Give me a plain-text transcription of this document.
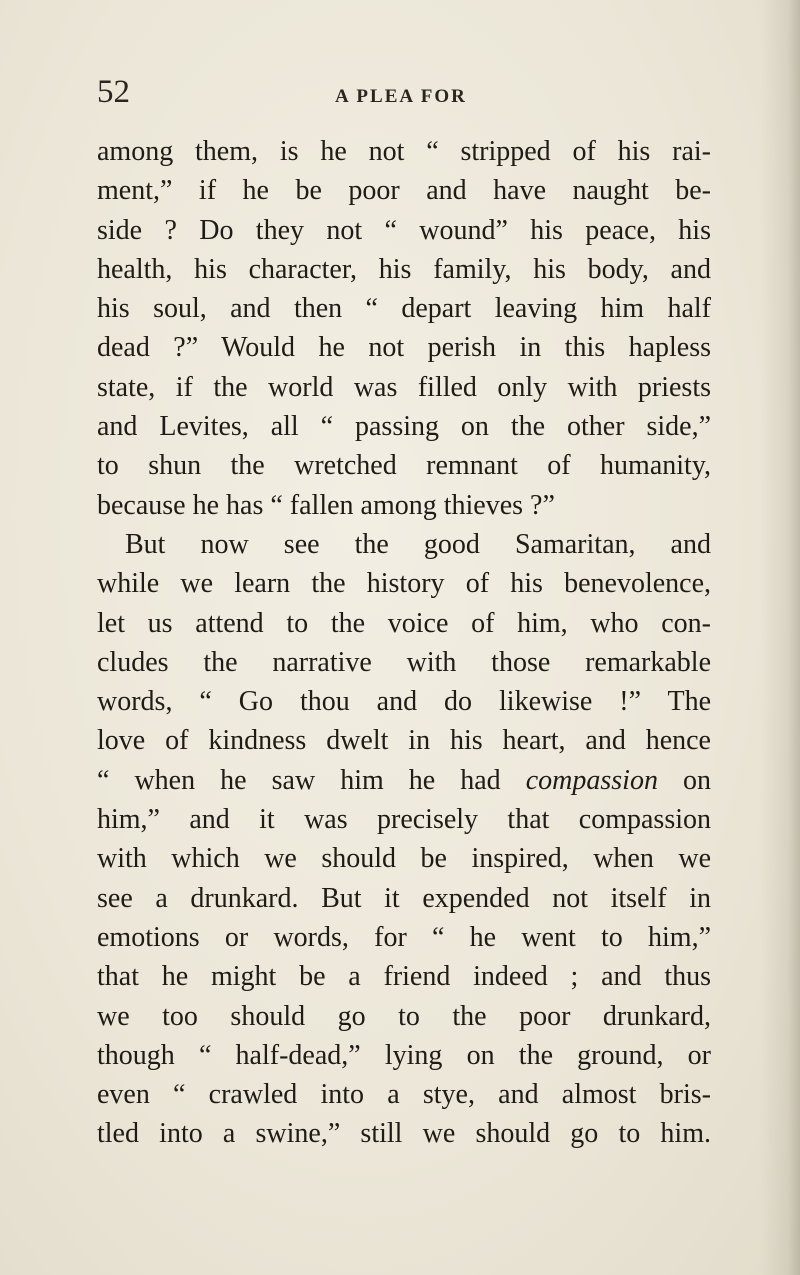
52	A PLEA FOR
among them, is he not “ stripped of his rai-
ment,” if he be poor and have naught be-
side ? Do they not “ wound” his peace, his
health, his character, his family, his body, and
his soul, and then “ depart leaving him half
dead ?” Would he not perish in this hapless
state, if the world was filled only with priests
and Levites, all “ passing on the other side,”
to shun the wretched remnant of humanity,
because he has “ fallen among thieves ?”
But now see the good Samaritan, and
while we learn the history of his benevolence,
let us attend to the voice of him, who con-
cludes the narrative with those remarkable
words, “ Go thou and do likewise !” The
love of kindness dwelt in his heart, and hence
“ when he saw him he had compassion on
him,” and it was precisely that compassion
with which we should be inspired, when we
see a drunkard. But it expended not itself in
emotions or words, for “ he went to him,”
that he might be a friend indeed ; and thus
we too should go to the poor drunkard,
though “ half-dead,” lying on the ground, or
even “ crawled into a stye, and almost bris-
tled into a swine,” still we should go to him.
